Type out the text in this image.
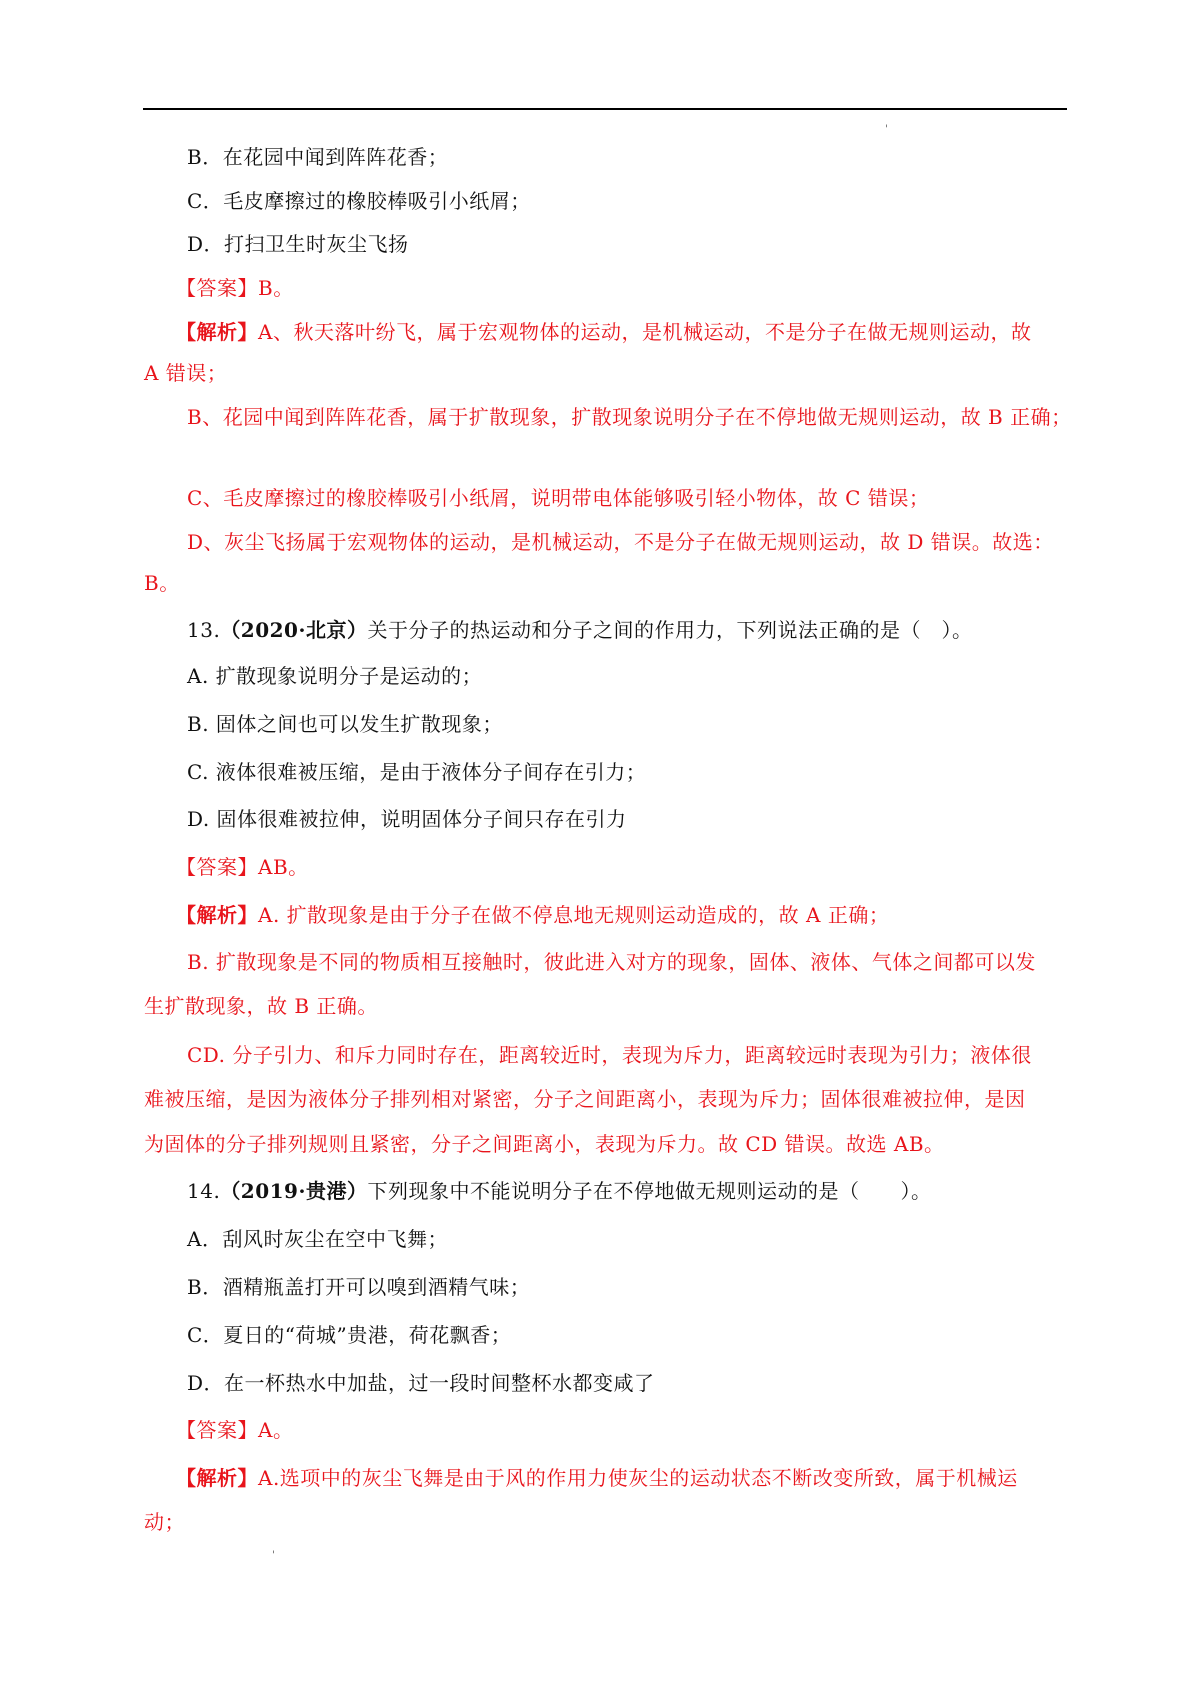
'
B．在花园中闻到阵阵花香；
C．毛皮摩擦过的橡胶棒吸引小纸屑；
D．打扫卫生时灰尘飞扬
【答案】B。
【解析】A、秋天落叶纷飞，属于宏观物体的运动，是机械运动，不是分子在做无规则运动，故
A 错误；
B、花园中闻到阵阵花香，属于扩散现象，扩散现象说明分子在不停地做无规则运动，故 B 正确；
C、毛皮摩擦过的橡胶棒吸引小纸屑，说明带电体能够吸引轻小物体，故 C 错误；
D、灰尘飞扬属于宏观物体的运动，是机械运动，不是分子在做无规则运动，故 D 错误。故选：
B。
13.（2020·北京）关于分子的热运动和分子之间的作用力，下列说法正确的是（　）。
A. 扩散现象说明分子是运动的；
B. 固体之间也可以发生扩散现象；
C. 液体很难被压缩，是由于液体分子间存在引力；
D. 固体很难被拉伸，说明固体分子间只存在引力
【答案】AB。
【解析】A. 扩散现象是由于分子在做不停息地无规则运动造成的，故 A 正确；
B. 扩散现象是不同的物质相互接触时，彼此进入对方的现象，固体、液体、气体之间都可以发
生扩散现象，故 B 正确。
CD. 分子引力、和斥力同时存在，距离较近时，表现为斥力，距离较远时表现为引力；液体很
难被压缩，是因为液体分子排列相对紧密，分子之间距离小，表现为斥力；固体很难被拉伸，是因
为固体的分子排列规则且紧密，分子之间距离小，表现为斥力。故 CD 错误。故选 AB。
14.（2019·贵港）下列现象中不能说明分子在不停地做无规则运动的是（　　）。
A．刮风时灰尘在空中飞舞；
B．酒精瓶盖打开可以嗅到酒精气味；
C．夏日的“荷城”贵港，荷花飘香；
D．在一杯热水中加盐，过一段时间整杯水都变咸了
【答案】A。
【解析】A.选项中的灰尘飞舞是由于风的作用力使灰尘的运动状态不断改变所致，属于机械运
动；
'
